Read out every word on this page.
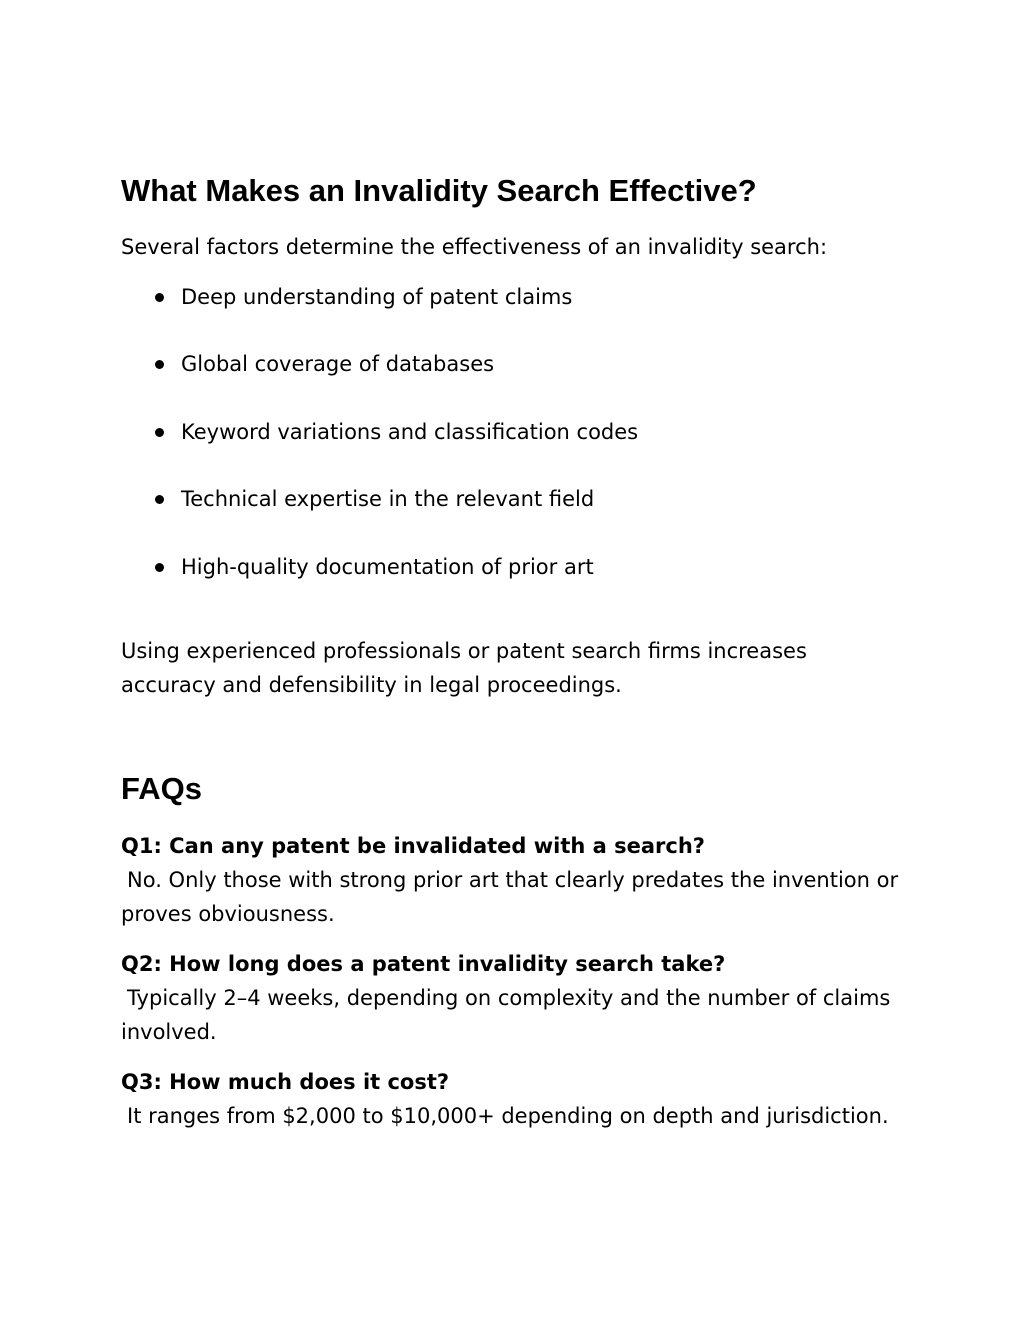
What Makes an Invalidity Search Effective?

Several factors determine the effectiveness of an invalidity search:

Deep understanding of patent claims
Global coverage of databases
Keyword variations and classification codes
Technical expertise in the relevant field
High-quality documentation of prior art

Using experienced professionals or patent search firms increases accuracy and defensibility in legal proceedings.

FAQs

Q1: Can any patent be invalidated with a search?

No. Only those with strong prior art that clearly predates the invention or proves obviousness.

Q2: How long does a patent invalidity search take?

Typically 2–4 weeks, depending on complexity and the number of claims involved.

Q3: How much does it cost?

It ranges from $2,000 to $10,000+ depending on depth and jurisdiction.
